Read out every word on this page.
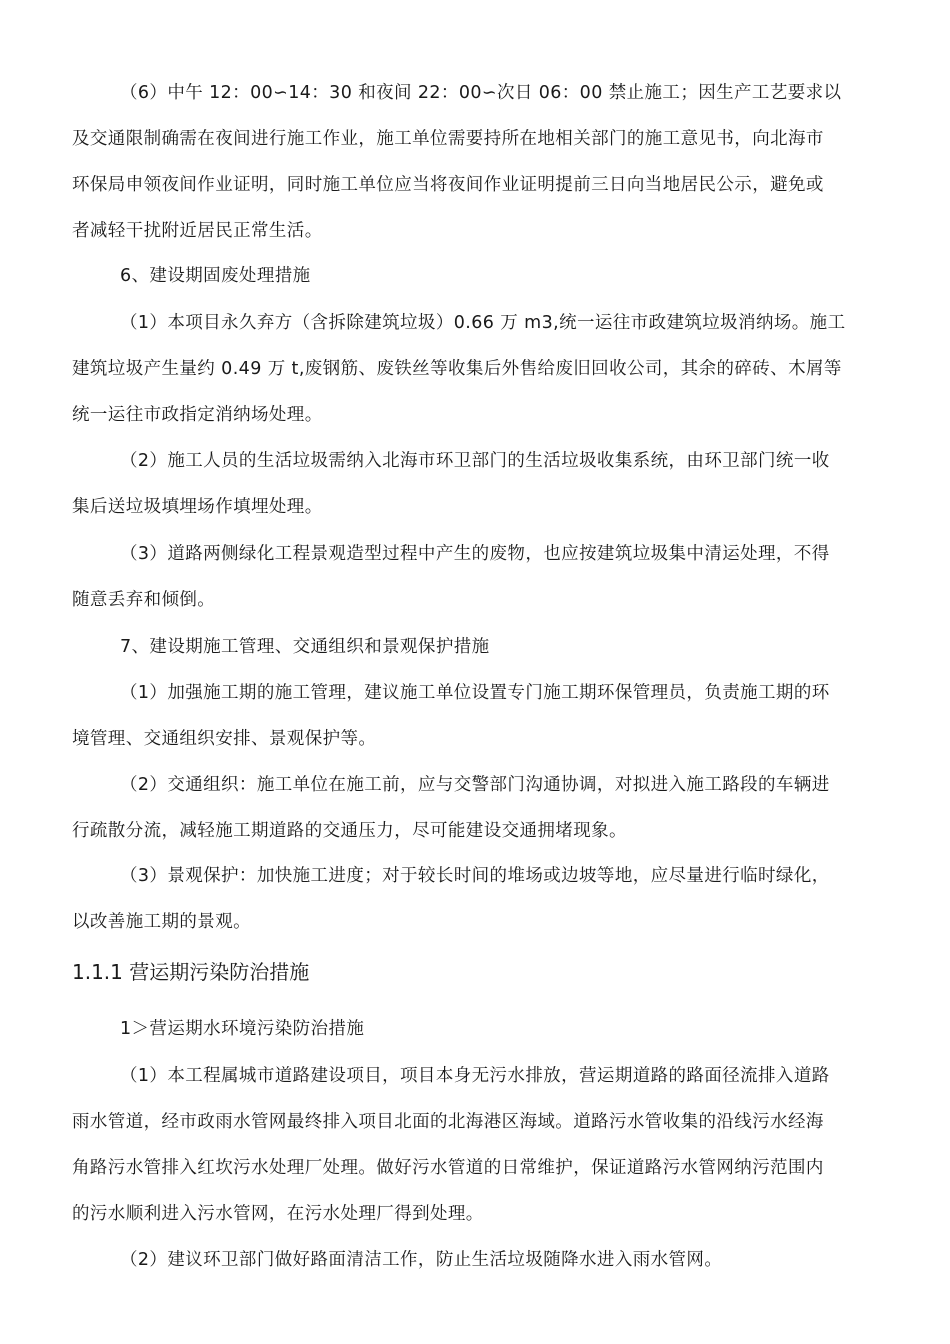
（6）中午 12：00∽14：30 和夜间 22：00∽次日 06：00 禁止施工；因生产工艺要求以
及交通限制确需在夜间进行施工作业，施工单位需要持所在地相关部门的施工意见书，向北海市
环保局申领夜间作业证明，同时施工单位应当将夜间作业证明提前三日向当地居民公示，避免或
者减轻干扰附近居民正常生活。

6、建设期固废处理措施

（1）本项目永久弃方（含拆除建筑垃圾）0.66 万 m3,统一运往市政建筑垃圾消纳场。施工
建筑垃圾产生量约 0.49 万 t,废钢筋、废铁丝等收集后外售给废旧回收公司，其余的碎砖、木屑等
统一运往市政指定消纳场处理。

（2）施工人员的生活垃圾需纳入北海市环卫部门的生活垃圾收集系统，由环卫部门统一收
集后送垃圾填埋场作填埋处理。

（3）道路两侧绿化工程景观造型过程中产生的废物，也应按建筑垃圾集中清运处理，不得
随意丢弃和倾倒。

7、建设期施工管理、交通组织和景观保护措施

（1）加强施工期的施工管理，建议施工单位设置专门施工期环保管理员，负责施工期的环
境管理、交通组织安排、景观保护等。

（2）交通组织：施工单位在施工前，应与交警部门沟通协调，对拟进入施工路段的车辆进
行疏散分流，减轻施工期道路的交通压力，尽可能建设交通拥堵现象。

（3）景观保护：加快施工进度；对于较长时间的堆场或边坡等地，应尽量进行临时绿化，
以改善施工期的景观。

1.1.1 营运期污染防治措施

1＞营运期水环境污染防治措施

（1）本工程属城市道路建设项目，项目本身无污水排放，营运期道路的路面径流排入道路
雨水管道，经市政雨水管网最终排入项目北面的北海港区海域。道路污水管收集的沿线污水经海
角路污水管排入红坎污水处理厂处理。做好污水管道的日常维护，保证道路污水管网纳污范围内
的污水顺利进入污水管网，在污水处理厂得到处理。

（2）建议环卫部门做好路面清洁工作，防止生活垃圾随降水进入雨水管网。
